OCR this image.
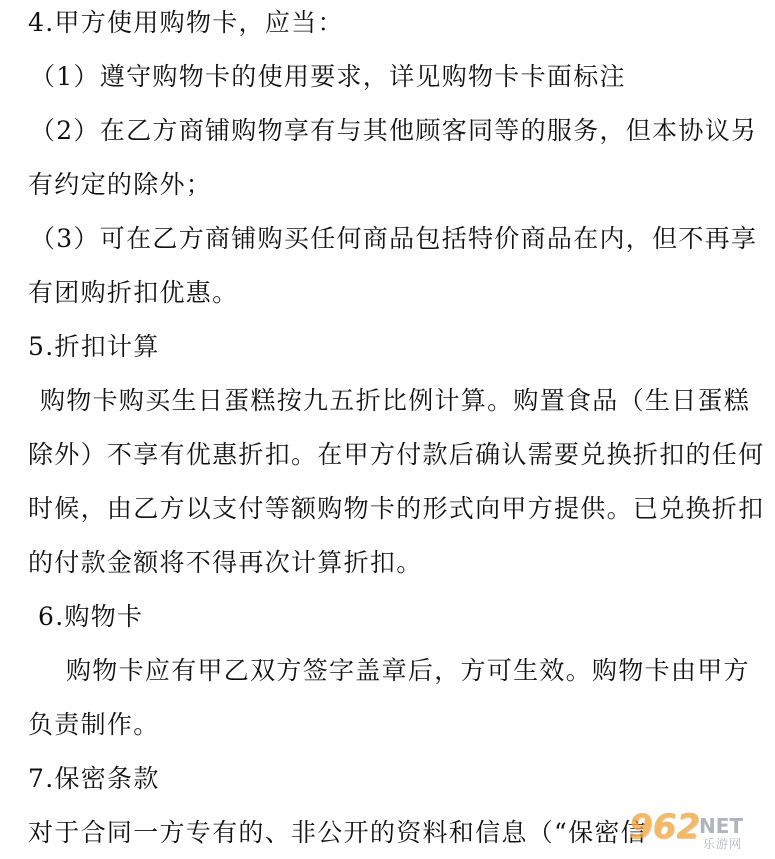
4.甲方使用购物卡，应当：
（1）遵守购物卡的使用要求，详见购物卡卡面标注
（2）在乙方商铺购物享有与其他顾客同等的服务，但本协议另
有约定的除外；
（3）可在乙方商铺购买任何商品包括特价商品在内，但不再享
有团购折扣优惠。
5.折扣计算
购物卡购买生日蛋糕按九五折比例计算。购置食品（生日蛋糕
除外）不享有优惠折扣。在甲方付款后确认需要兑换折扣的任何
时候，由乙方以支付等额购物卡的形式向甲方提供。已兑换折扣
的付款金额将不得再次计算折扣。
6.购物卡
购物卡应有甲乙双方签字盖章后，方可生效。购物卡由甲方
负责制作。
7.保密条款
对于合同一方专有的、非公开的资料和信息（“保密信
962 NET
乐游网
